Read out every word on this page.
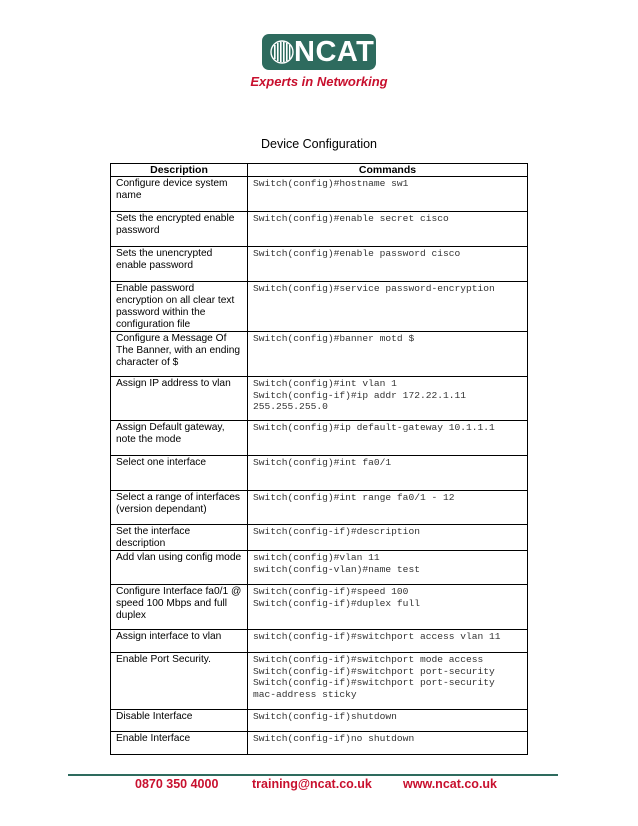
NCAT
Experts in Networking
Device Configuration
Description	Commands
Configure device system name	Switch(config)#hostname sw1
Sets the encrypted enable password	Switch(config)#enable secret cisco
Sets the unencrypted enable password	Switch(config)#enable password cisco
Enable password encryption on all clear text password within the configuration file	Switch(config)#service password-encryption
Configure a Message Of The Banner, with an ending character of $	Switch(config)#banner motd $
Assign IP address to vlan	Switch(config)#int vlan 1
Switch(config-if)#ip addr 172.22.1.11
255.255.255.0
Assign Default gateway, note the mode	Switch(config)#ip default-gateway 10.1.1.1
Select one interface	Switch(config)#int fa0/1
Select a range of interfaces (version dependant)	Switch(config)#int range fa0/1 - 12
Set the interface description	Switch(config-if)#description
Add vlan using config mode	switch(config)#vlan 11
switch(config-vlan)#name test
Configure Interface fa0/1 @ speed 100 Mbps and full duplex	Switch(config-if)#speed 100
Switch(config-if)#duplex full
Assign interface to vlan	switch(config-if)#switchport access vlan 11
Enable Port Security.	Switch(config-if)#switchport mode access
Switch(config-if)#switchport port-security
Switch(config-if)#switchport port-security
mac-address sticky
Disable Interface	Switch(config-if)shutdown
Enable Interface	Switch(config-if)no shutdown
0870 350 4000	training@ncat.co.uk www.ncat.co.uk
